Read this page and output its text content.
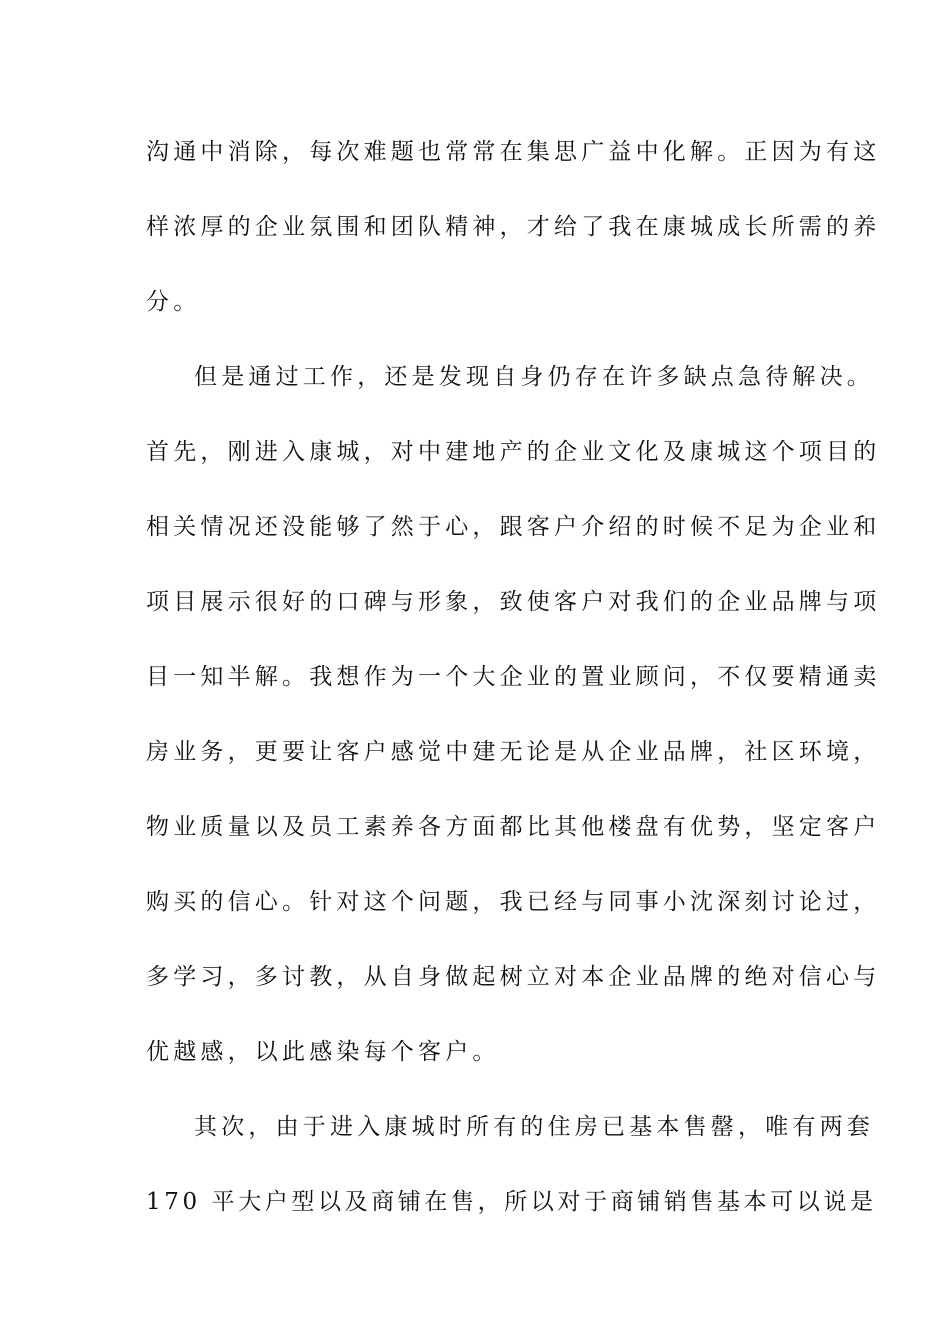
沟通中消除，每次难题也常常在集思广益中化解。正因为有这
样浓厚的企业氛围和团队精神，才给了我在康城成长所需的养
分。
但是通过工作，还是发现自身仍存在许多缺点急待解决。
首先，刚进入康城，对中建地产的企业文化及康城这个项目的
相关情况还没能够了然于心，跟客户介绍的时候不足为企业和
项目展示很好的口碑与形象，致使客户对我们的企业品牌与项
目一知半解。我想作为一个大企业的置业顾问，不仅要精通卖
房业务，更要让客户感觉中建无论是从企业品牌，社区环境，
物业质量以及员工素养各方面都比其他楼盘有优势，坚定客户
购买的信心。针对这个问题，我已经与同事小沈深刻讨论过，
多学习，多讨教，从自身做起树立对本企业品牌的绝对信心与
优越感，以此感染每个客户。
其次，由于进入康城时所有的住房已基本售罄，唯有两套
170 平大户型以及商铺在售，所以对于商铺销售基本可以说是
